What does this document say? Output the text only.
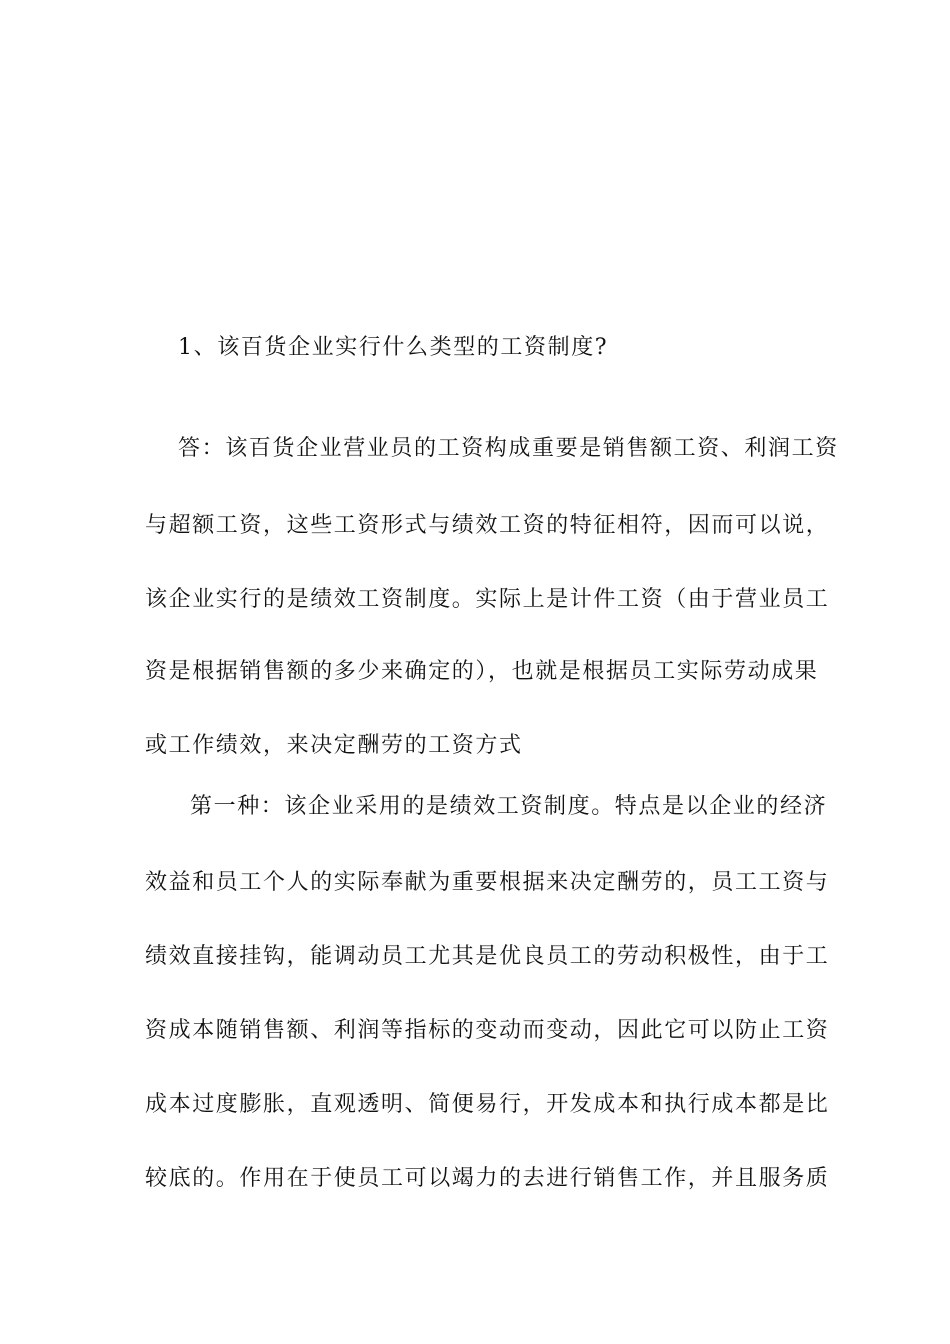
1、该百货企业实行什么类型的工资制度?
答：该百货企业营业员的工资构成重要是销售额工资、利润工资
与超额工资，这些工资形式与绩效工资的特征相符，因而可以说，
该企业实行的是绩效工资制度。实际上是计件工资（由于营业员工
资是根据销售额的多少来确定的），也就是根据员工实际劳动成果
或工作绩效，来决定酬劳的工资方式
第一种：该企业采用的是绩效工资制度。特点是以企业的经济
效益和员工个人的实际奉献为重要根据来决定酬劳的，员工工资与
绩效直接挂钩，能调动员工尤其是优良员工的劳动积极性，由于工
资成本随销售额、利润等指标的变动而变动，因此它可以防止工资
成本过度膨胀，直观透明、简便易行，开发成本和执行成本都是比
较底的。作用在于使员工可以竭力的去进行销售工作，并且服务质
